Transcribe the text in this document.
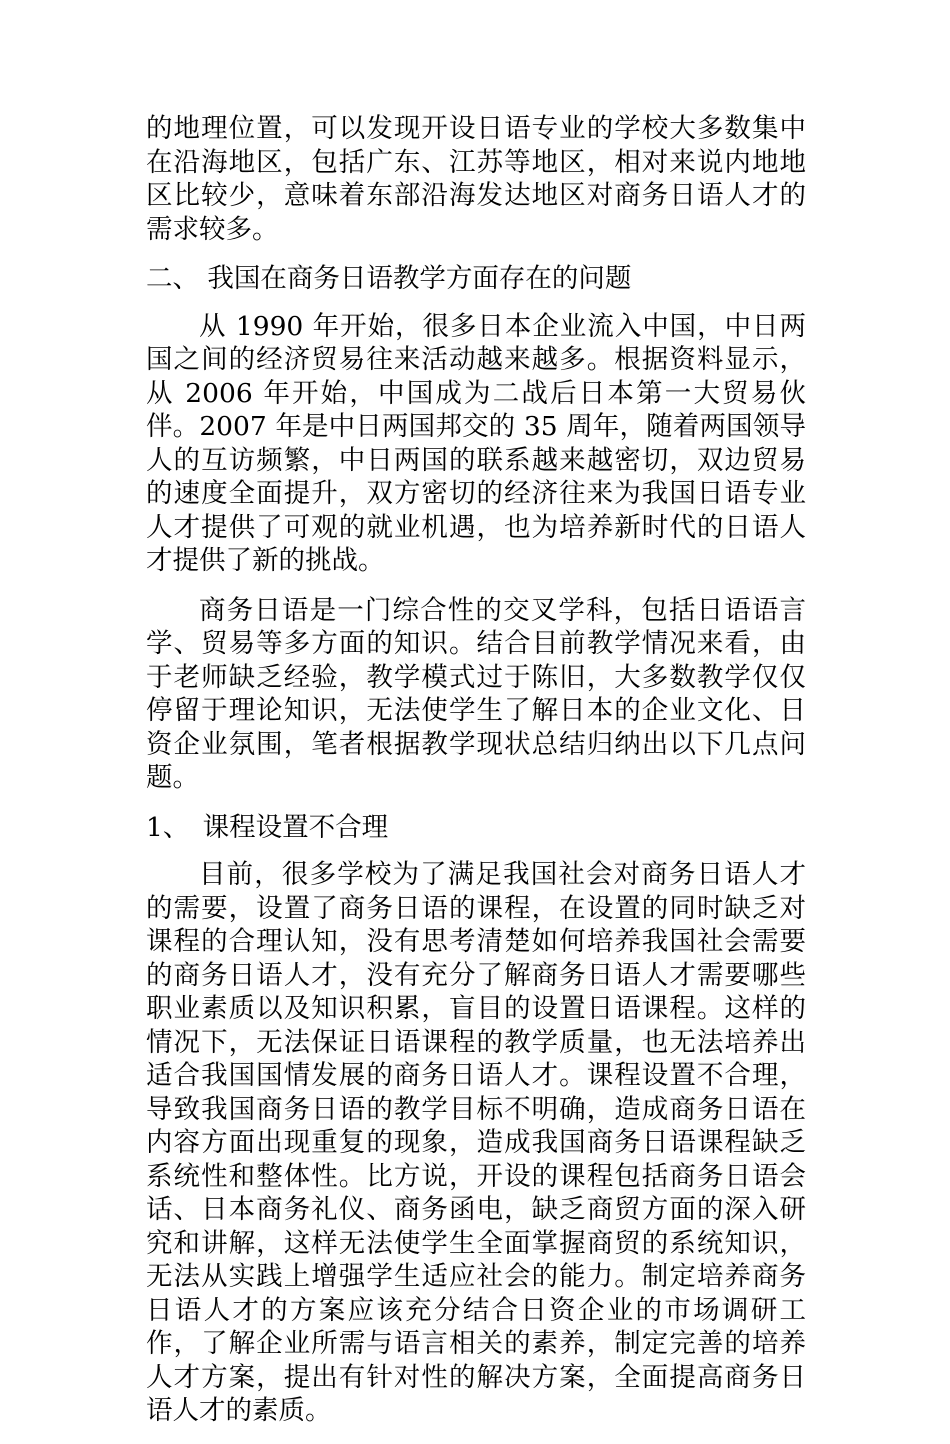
的地理位置，可以发现开设日语专业的学校大多数集中在沿海地区，包括广东、江苏等地区，相对来说内地地区比较少，意味着东部沿海发达地区对商务日语人才的需求较多。

二、 我国在商务日语教学方面存在的问题

从 1990 年开始，很多日本企业流入中国，中日两国之间的经济贸易往来活动越来越多。根据资料显示，从 2006 年开始，中国成为二战后日本第一大贸易伙伴。2007 年是中日两国邦交的 35 周年，随着两国领导人的互访频繁，中日两国的联系越来越密切，双边贸易的速度全面提升，双方密切的经济往来为我国日语专业人才提供了可观的就业机遇，也为培养新时代的日语人才提供了新的挑战。

商务日语是一门综合性的交叉学科，包括日语语言学、贸易等多方面的知识。结合目前教学情况来看，由于老师缺乏经验，教学模式过于陈旧，大多数教学仅仅停留于理论知识，无法使学生了解日本的企业文化、日资企业氛围，笔者根据教学现状总结归纳出以下几点问题。

1、　课程设置不合理

目前，很多学校为了满足我国社会对商务日语人才的需要，设置了商务日语的课程，在设置的同时缺乏对课程的合理认知，没有思考清楚如何培养我国社会需要的商务日语人才，没有充分了解商务日语人才需要哪些职业素质以及知识积累，盲目的设置日语课程。这样的情况下，无法保证日语课程的教学质量，也无法培养出适合我国国情发展的商务日语人才。课程设置不合理，导致我国商务日语的教学目标不明确，造成商务日语在内容方面出现重复的现象，造成我国商务日语课程缺乏系统性和整体性。比方说，开设的课程包括商务日语会话、日本商务礼仪、商务函电，缺乏商贸方面的深入研究和讲解，这样无法使学生全面掌握商贸的系统知识，无法从实践上增强学生适应社会的能力。制定培养商务日语人才的方案应该充分结合日资企业的市场调研工作，了解企业所需与语言相关的素养，制定完善的培养人才方案，提出有针对性的解决方案，全面提高商务日语人才的素质。
